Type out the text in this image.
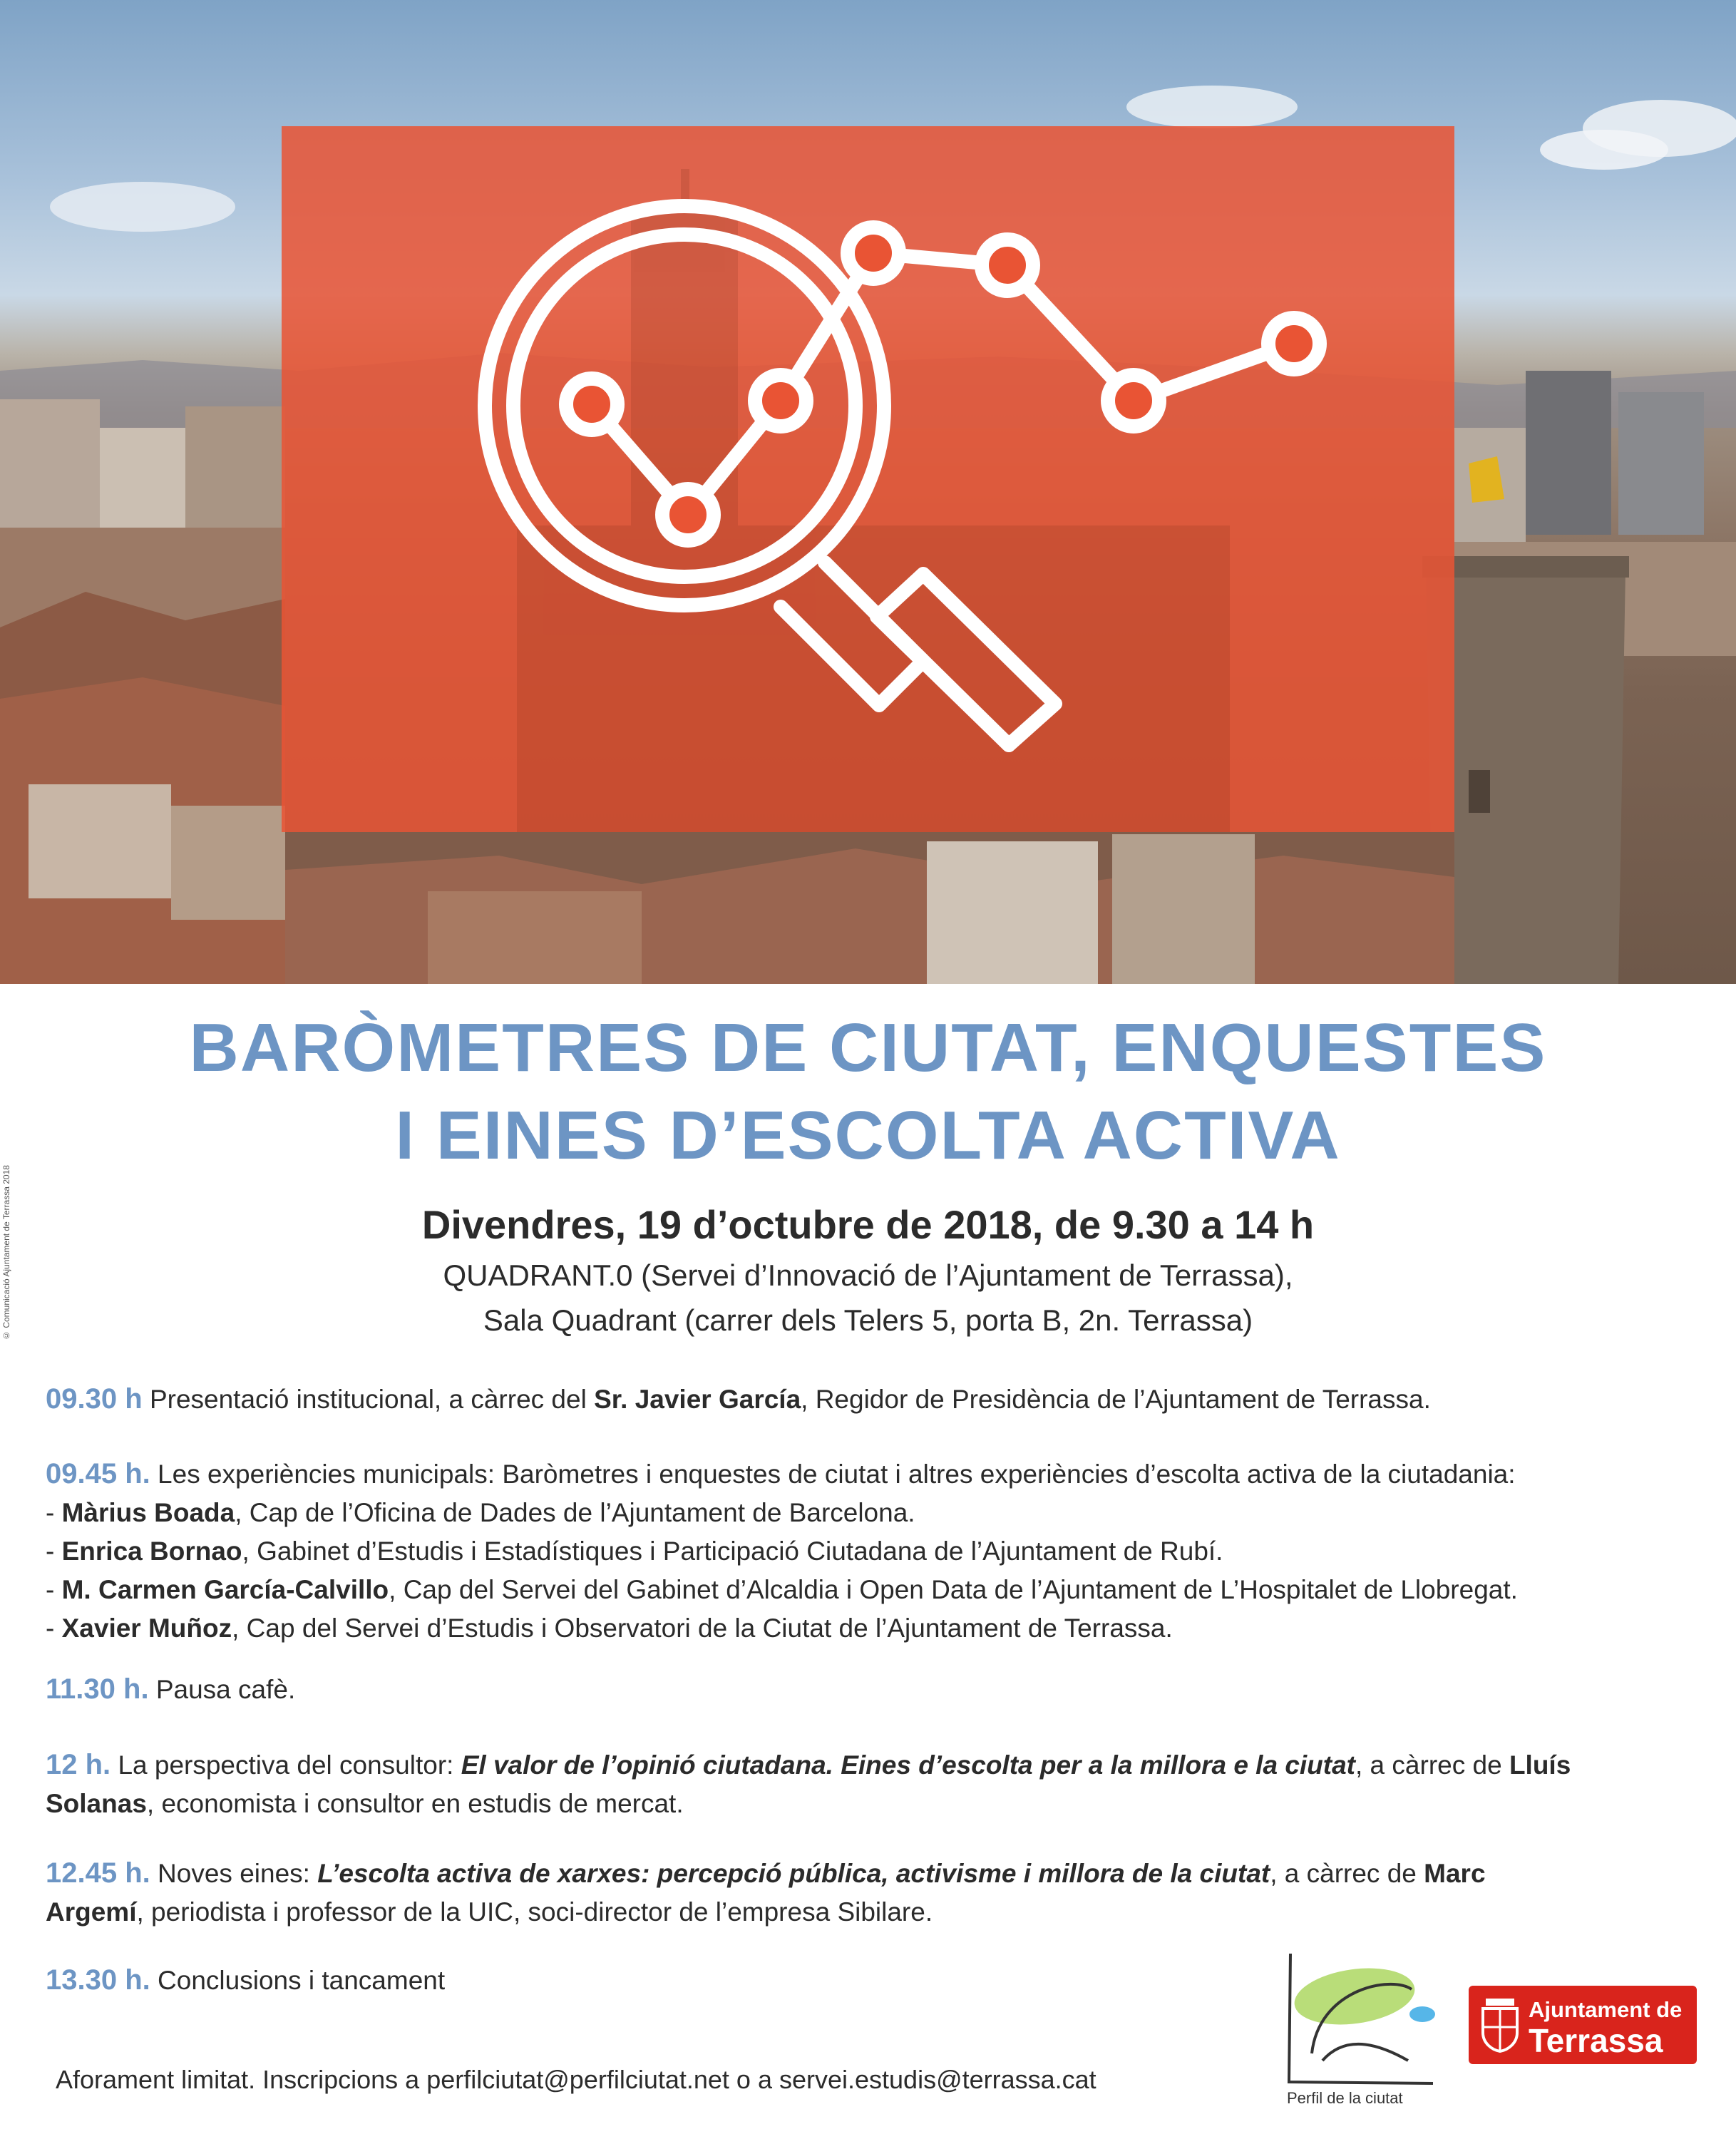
© Comunicació Ajuntament de Terrassa 2018
BARÒMETRES DE CIUTAT, ENQUESTES
I EINES D’ESCOLTA ACTIVA
Divendres, 19 d’octubre de 2018, de 9.30 a 14 h
QUADRANT.0 (Servei d’Innovació de l’Ajuntament de Terrassa),
Sala Quadrant (carrer dels Telers 5, porta B, 2n. Terrassa)
09.30 h Presentació institucional, a càrrec del Sr. Javier García, Regidor de Presidència de l’Ajuntament de Terrassa.
09.45 h. Les experiències municipals: Baròmetres i enquestes de ciutat i altres experiències d’escolta activa de la ciutadania:
- Màrius Boada, Cap de l’Oficina de Dades de l’Ajuntament de Barcelona.
- Enrica Bornao, Gabinet d’Estudis i Estadístiques i Participació Ciutadana de l’Ajuntament de Rubí.
- M. Carmen García-Calvillo, Cap del Servei del Gabinet d’Alcaldia i Open Data de l’Ajuntament de L’Hospitalet de Llobregat.
- Xavier Muñoz, Cap del Servei d’Estudis i Observatori de la Ciutat de l’Ajuntament de Terrassa.
11.30 h. Pausa cafè.
12 h. La perspectiva del consultor: El valor de l’opinió ciutadana. Eines d’escolta per a la millora e la ciutat, a càrrec de Lluís
Solanas, economista i consultor en estudis de mercat.
12.45 h. Noves eines: L’escolta activa de xarxes: percepció pública, activisme i millora de la ciutat, a càrrec de Marc
Argemí, periodista i professor de la UIC, soci-director de l’empresa Sibilare.
13.30 h. Conclusions i tancament
Aforament limitat. Inscripcions a perfilciutat@perfilciutat.net o a servei.estudis@terrassa.cat
Perfil de la ciutat
Ajuntament de
Terrassa
